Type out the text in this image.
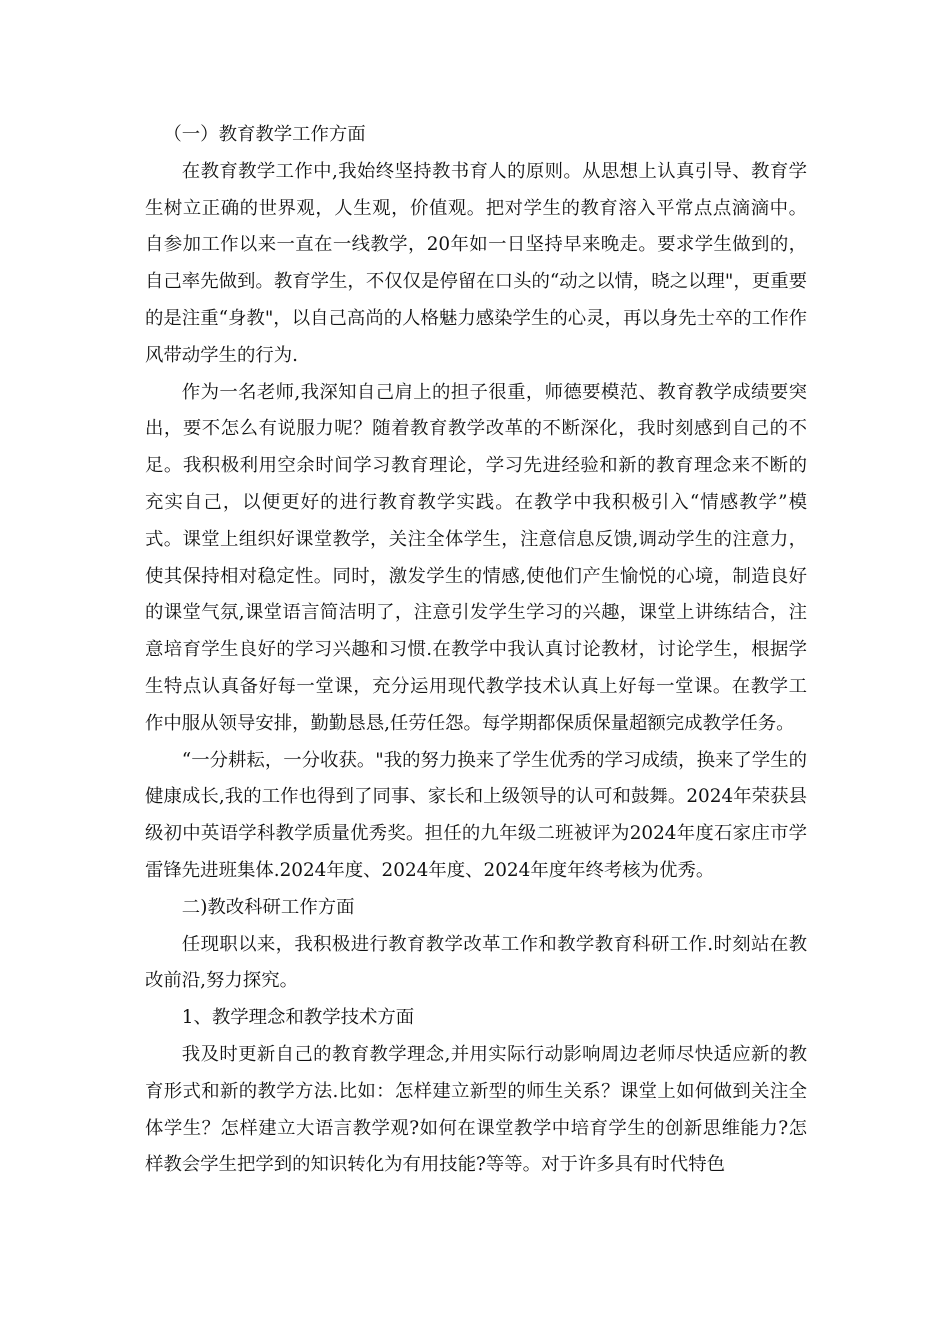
（一）教育教学工作方面

在教育教学工作中,我始终坚持教书育人的原则。从思想上认真引导、教育学生树立正确的世界观，人生观，价值观。把对学生的教育溶入平常点点滴滴中。自参加工作以来一直在一线教学，20年如一日坚持早来晚走。要求学生做到的，自己率先做到。教育学生，不仅仅是停留在口头的“动之以情，晓之以理"，更重要的是注重“身教"，以自己高尚的人格魅力感染学生的心灵，再以身先士卒的工作作风带动学生的行为.

作为一名老师,我深知自己肩上的担子很重，师德要模范、教育教学成绩要突出，要不怎么有说服力呢？随着教育教学改革的不断深化，我时刻感到自己的不足。我积极利用空余时间学习教育理论，学习先进经验和新的教育理念来不断的充实自己，以便更好的进行教育教学实践。在教学中我积极引入“情感教学”模式。课堂上组织好课堂教学，关注全体学生，注意信息反馈,调动学生的注意力，使其保持相对稳定性。同时，激发学生的情感,使他们产生愉悦的心境，制造良好的课堂气氛,课堂语言简洁明了，注意引发学生学习的兴趣，课堂上讲练结合，注意培育学生良好的学习兴趣和习惯.在教学中我认真讨论教材，讨论学生，根据学生特点认真备好每一堂课，充分运用现代教学技术认真上好每一堂课。在教学工作中服从领导安排，勤勤恳恳,任劳任怨。每学期都保质保量超额完成教学任务。

“一分耕耘，一分收获。"我的努力换来了学生优秀的学习成绩，换来了学生的健康成长,我的工作也得到了同事、家长和上级领导的认可和鼓舞。2024年荣获县级初中英语学科教学质量优秀奖。担任的九年级二班被评为2024年度石家庄市学雷锋先进班集体.2024年度、2024年度、2024年度年终考核为优秀。

二)教改科研工作方面

任现职以来，我积极进行教育教学改革工作和教学教育科研工作.时刻站在教改前沿,努力探究。

1、教学理念和教学技术方面

我及时更新自己的教育教学理念,并用实际行动影响周边老师尽快适应新的教育形式和新的教学方法.比如：怎样建立新型的师生关系？课堂上如何做到关注全体学生？怎样建立大语言教学观?如何在课堂教学中培育学生的创新思维能力?怎样教会学生把学到的知识转化为有用技能?等等。对于许多具有时代特色
